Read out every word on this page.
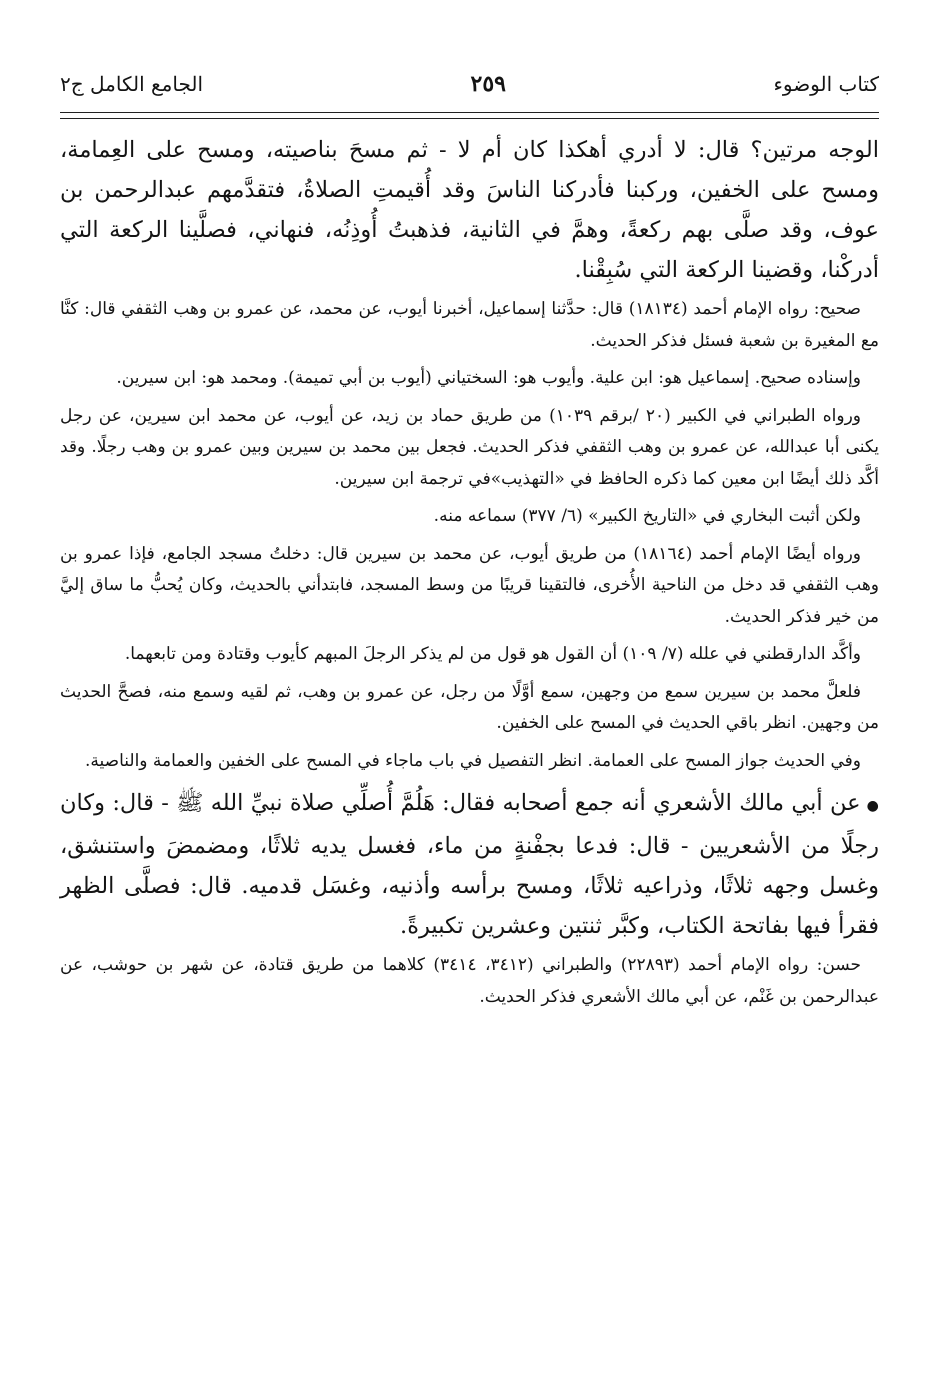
كتاب الوضوء
٢٥٩
الجامع الكامل ج٢

الوجه مرتين؟ قال: لا أدري أهكذا كان أم لا - ثم مسحَ بناصيته، ومسح على العِمامة، ومسح على الخفين، وركبنا فأدركنا الناسَ وقد أُقيمتِ الصلاةُ، فتقدَّمهم عبدالرحمن بن عوف، وقد صلَّى بهم ركعةً، وهمَّ في الثانية، فذهبتُ أُوذِنُه، فنهاني، فصلَّينا الركعة التي أدركْنا، وقضينا الركعة التي سُبِقْنا.

صحيح: رواه الإمام أحمد (١٨١٣٤) قال: حدَّثنا إسماعيل، أخبرنا أيوب، عن محمد، عن عمرو بن وهب الثقفي قال: كنَّا مع المغيرة بن شعبة فسئل فذكر الحديث.

وإسناده صحيح. إسماعيل هو: ابن علية. وأيوب هو: السختياني (أيوب بن أبي تميمة). ومحمد هو: ابن سيرين.

ورواه الطبراني في الكبير (٢٠ /برقم ١٠٣٩) من طريق حماد بن زيد، عن أيوب، عن محمد ابن سيرين، عن رجل يكنى أبا عبدالله، عن عمرو بن وهب الثقفي فذكر الحديث. فجعل بين محمد بن سيرين وبين عمرو بن وهب رجلًا. وقد أكَّد ذلك أيضًا ابن معين كما ذكره الحافظ في «التهذيب»في ترجمة ابن سيرين.

ولكن أثبت البخاري في «التاريخ الكبير» (٦/ ٣٧٧) سماعه منه.

ورواه أيضًا الإمام أحمد (١٨١٦٤) من طريق أيوب، عن محمد بن سيرين قال: دخلتُ مسجد الجامع، فإذا عمرو بن وهب الثقفي قد دخل من الناحية الأُخرى، فالتقينا قريبًا من وسط المسجد، فابتدأني بالحديث، وكان يُحبُّ ما ساق إليَّ من خير فذكر الحديث.

وأكَّد الدارقطني في علله (٧/ ١٠٩) أن القول هو قول من لم يذكر الرجلَ المبهم كأيوب وقتادة ومن تابعهما.

فلعلَّ محمد بن سيرين سمع من وجهين، سمع أوَّلًا من رجل، عن عمرو بن وهب، ثم لقيه وسمع منه، فصحَّ الحديث من وجهين. انظر باقي الحديث في المسح على الخفين.

وفي الحديث جواز المسح على العمامة. انظر التفصيل في باب ماجاء في المسح على الخفين والعمامة والناصية.

●عن أبي مالك الأشعري أنه جمع أصحابه فقال: هَلُمَّ أُصلِّي صلاة نبيِّ الله ﷺ - قال: وكان رجلًا من الأشعريين - قال: فدعا بجفْنةٍ من ماء، فغسل يديه ثلاثًا، ومضمضَ واستنشق، وغسل وجهه ثلاثًا، وذراعيه ثلاثًا، ومسح برأسه وأذنيه، وغسَل قدميه. قال: فصلَّى الظهر فقرأ فيها بفاتحة الكتاب، وكبَّر ثنتين وعشرين تكبيرةً.

حسن: رواه الإمام أحمد (٢٢٨٩٣) والطبراني (٣٤١٢، ٣٤١٤) كلاهما من طريق قتادة، عن شهر بن حوشب، عن عبدالرحمن بن غَنْم، عن أبي مالك الأشعري فذكر الحديث.
